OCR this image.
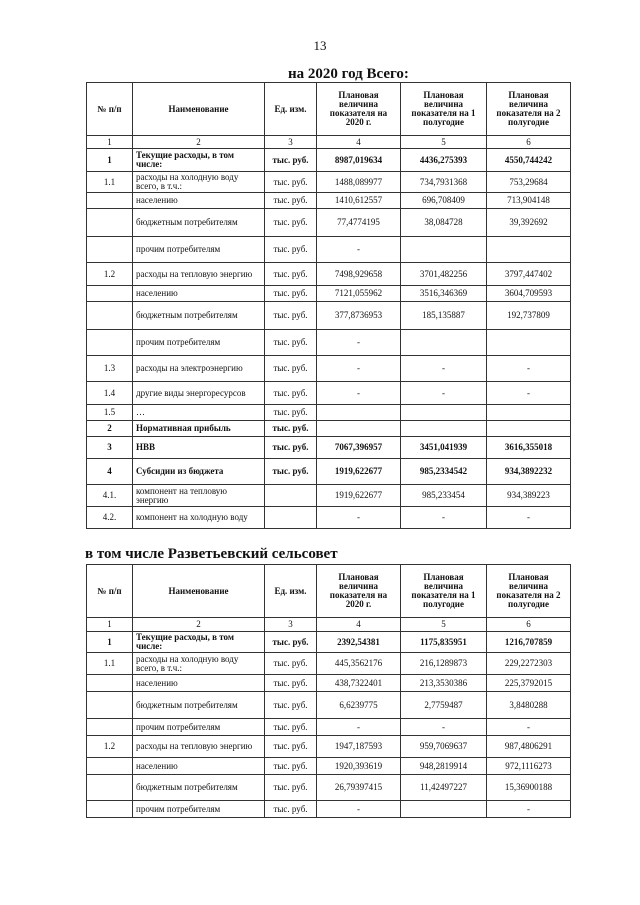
13
на 2020 год Всего:
№ п/п	Наименование	Ед. изм.	Плановая величина показателя на 2020 г.	Плановая величина показателя на 1 полугодие	Плановая величина показателя на 2 полугодие
1	2	3	4	5	6
1	Текущие расходы, в том числе:	тыс. руб.	8987,019634	4436,275393	4550,744242
1.1	расходы на холодную воду всего, в т.ч.:	тыс. руб.	1488,089977	734,7931368	753,29684
	населению	тыс. руб.	1410,612557	696,708409	713,904148
	бюджетным потребителям	тыс. руб.	77,4774195	38,084728	39,392692
	прочим потребителям	тыс. руб.	-		
1.2	расходы на тепловую энергию	тыс. руб.	7498,929658	3701,482256	3797,447402
	населению	тыс. руб.	7121,055962	3516,346369	3604,709593
	бюджетным потребителям	тыс. руб.	377,8736953	185,135887	192,737809
	прочим потребителям	тыс. руб.	-		
1.3	расходы на электроэнергию	тыс. руб.	-	-	-
1.4	другие виды энергоресурсов	тыс. руб.	-	-	-
1.5	…	тыс. руб.			
2	Нормативная прибыль	тыс. руб.			
3	НВВ	тыс. руб.	7067,396957	3451,041939	3616,355018
4	Субсидии из бюджета	тыс. руб.	1919,622677	985,2334542	934,3892232
4.1.	компонент на тепловую энергию		1919,622677	985,233454	934,389223
4.2.	компонент на холодную воду		-	-	-
в том числе Разветьевский сельсовет
№ п/п	Наименование	Ед. изм.	Плановая величина показателя на 2020 г.	Плановая величина показателя на 1 полугодие	Плановая величина показателя на 2 полугодие
1	2	3	4	5	6
1	Текущие расходы, в том числе:	тыс. руб.	2392,54381	1175,835951	1216,707859
1.1	расходы на холодную воду всего, в т.ч.:	тыс. руб.	445,3562176	216,1289873	229,2272303
	населению	тыс. руб.	438,7322401	213,3530386	225,3792015
	бюджетным потребителям	тыс. руб.	6,6239775	2,7759487	3,8480288
	прочим потребителям	тыс. руб.	-	-	-
1.2	расходы на тепловую энергию	тыс. руб.	1947,187593	959,7069637	987,4806291
	населению	тыс. руб.	1920,393619	948,2819914	972,1116273
	бюджетным потребителям	тыс. руб.	26,79397415	11,42497227	15,36900188
	прочим потребителям	тыс. руб.	-		-
